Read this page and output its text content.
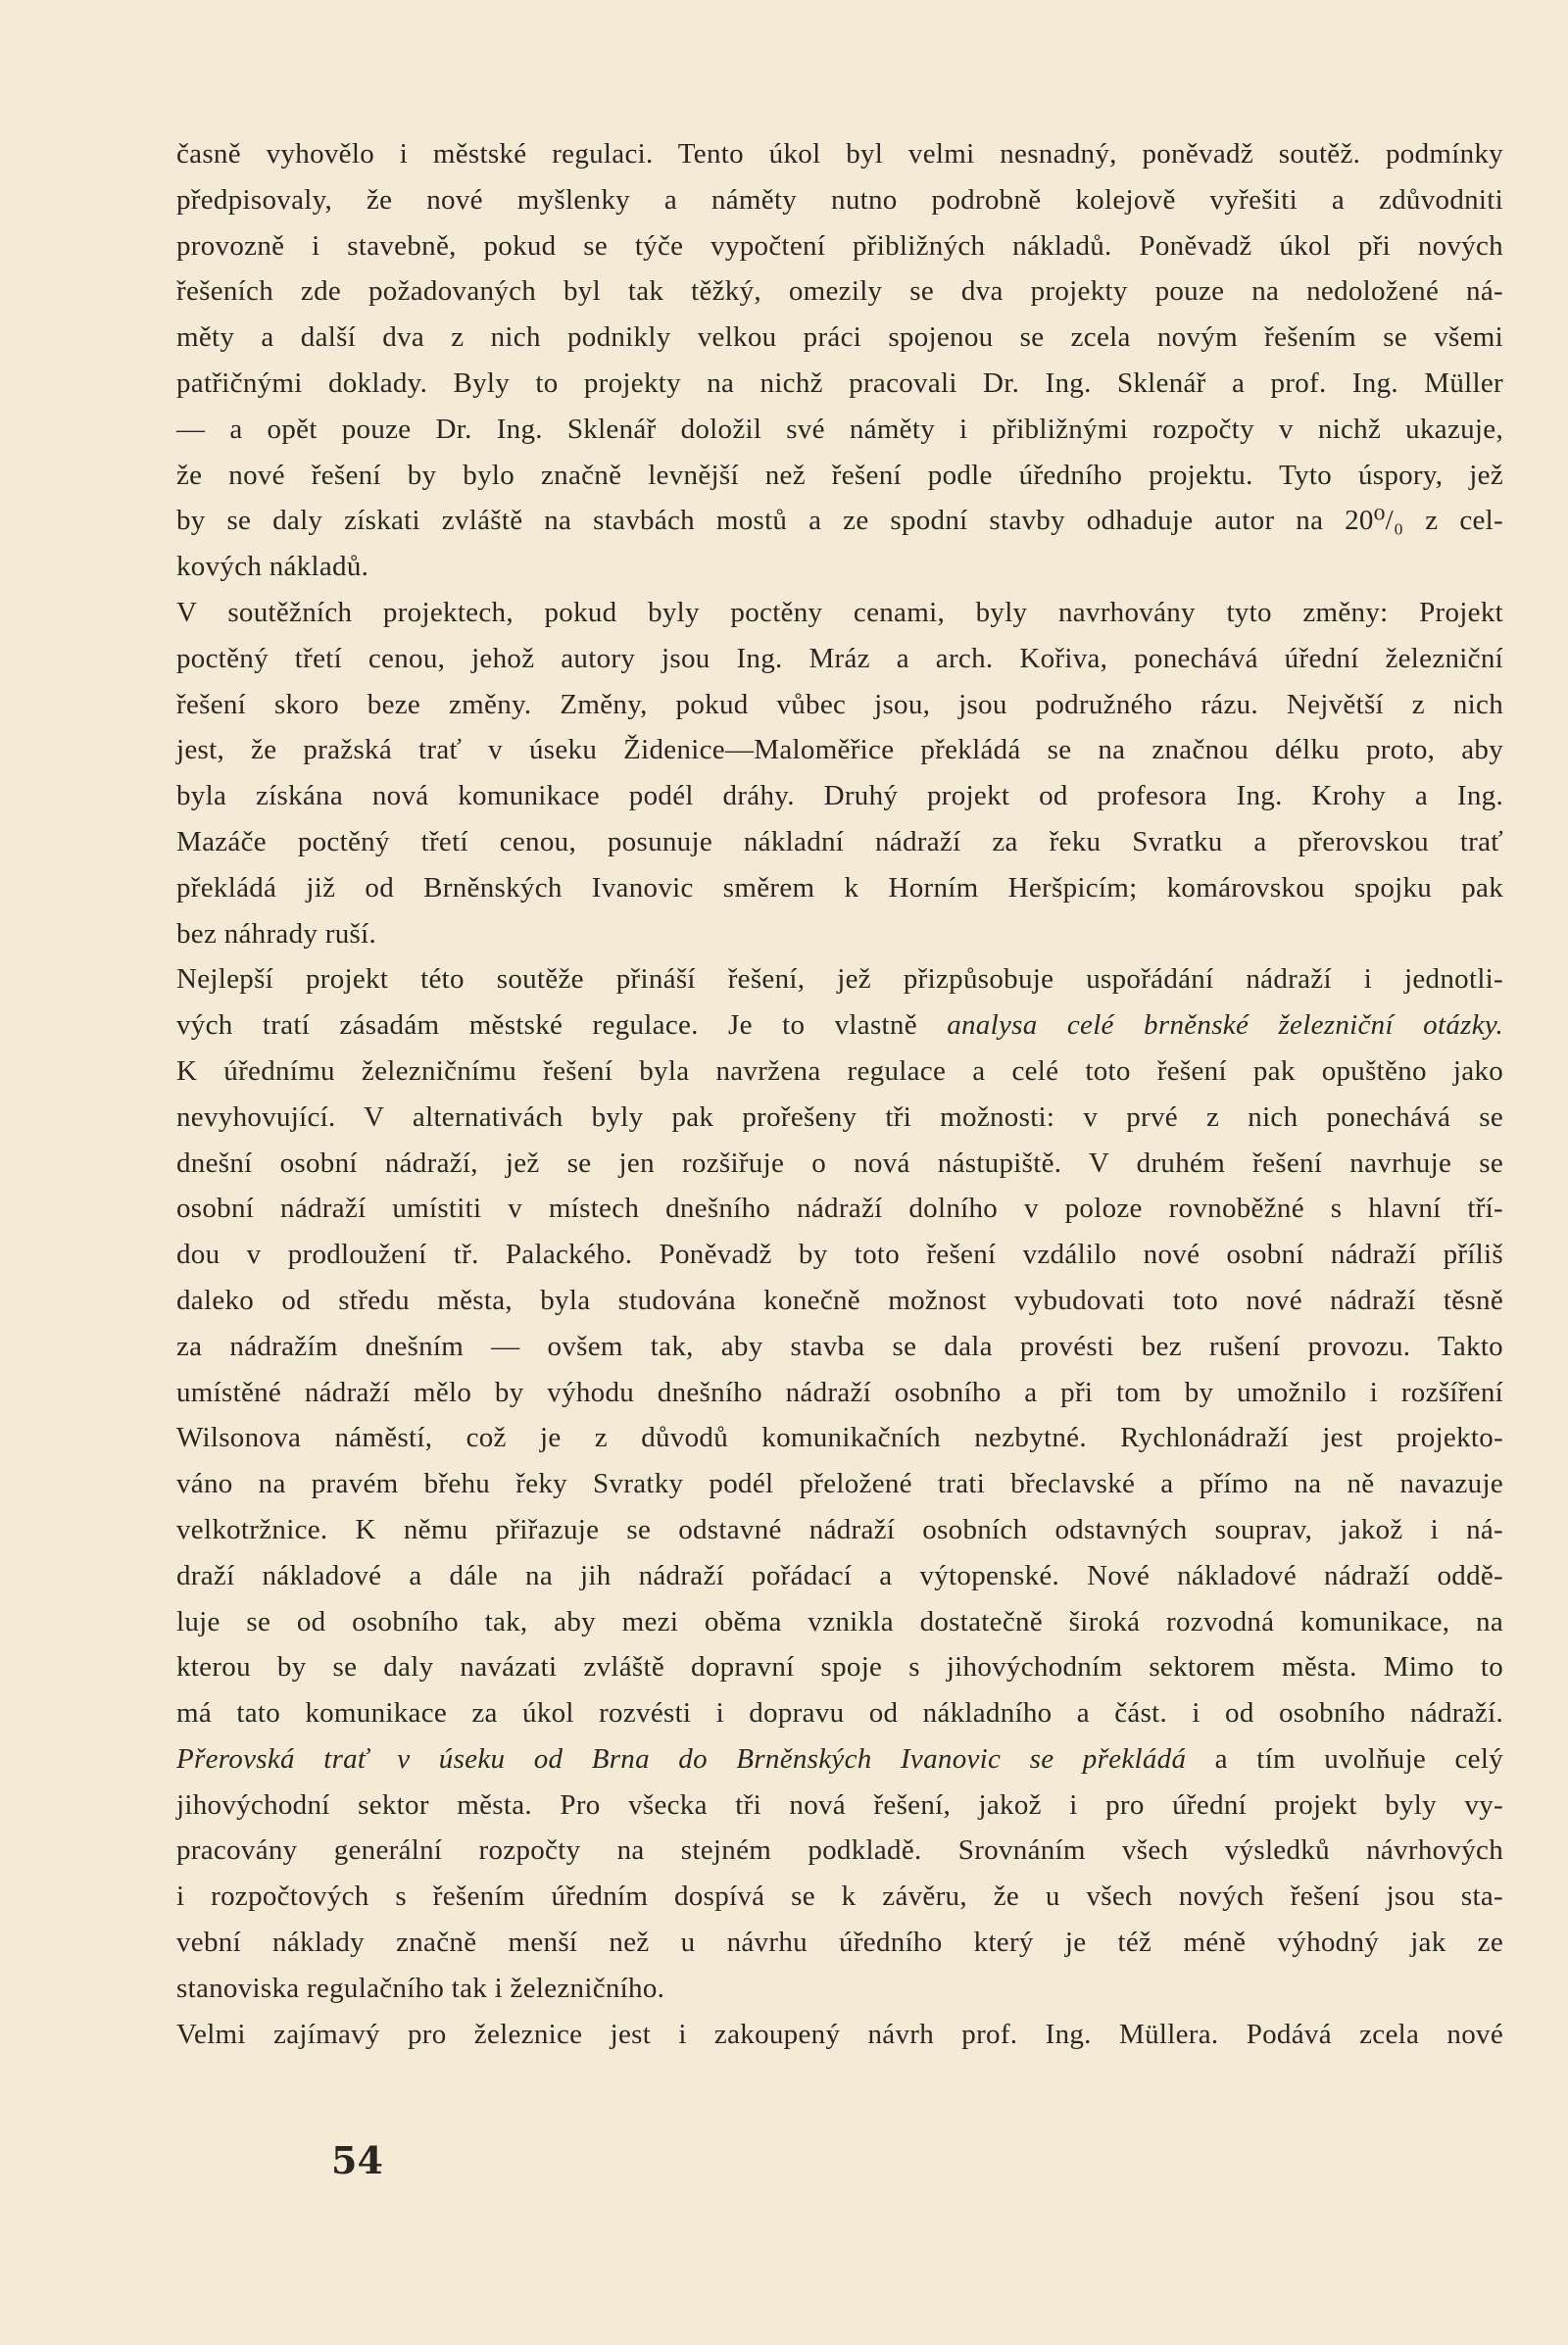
časně vyhovělo i městské regulaci. Tento úkol byl velmi nesnadný, poněvadž soutěž. podmínky
předpisovaly, že nové myšlenky a náměty nutno podrobně kolejově vyřešiti a zdůvodniti
provozně i stavebně, pokud se týče vypočtení přibližných nákladů. Poněvadž úkol při nových
řešeních zde požadovaných byl tak těžký, omezily se dva projekty pouze na nedoložené ná-
měty a další dva z nich podnikly velkou práci spojenou se zcela novým řešením se všemi
patřičnými doklady. Byly to projekty na nichž pracovali Dr. Ing. Sklenář a prof. Ing. Müller
— a opět pouze Dr. Ing. Sklenář doložil své náměty i přibližnými rozpočty v nichž ukazuje,
že nové řešení by bylo značně levnější než řešení podle úředního projektu. Tyto úspory, jež
by se daly získati zvláště na stavbách mostů a ze spodní stavby odhaduje autor na 20⁰/₀ z cel-
kových nákladů.
V soutěžních projektech, pokud byly poctěny cenami, byly navrhovány tyto změny: Projekt
poctěný třetí cenou, jehož autory jsou Ing. Mráz a arch. Kořiva, ponechává úřední železniční
řešení skoro beze změny. Změny, pokud vůbec jsou, jsou podružného rázu. Největší z nich
jest, že pražská trať v úseku Židenice—Maloměřice překládá se na značnou délku proto, aby
byla získána nová komunikace podél dráhy. Druhý projekt od profesora Ing. Krohy a Ing.
Mazáče poctěný třetí cenou, posunuje nákladní nádraží za řeku Svratku a přerovskou trať
překládá již od Brněnských Ivanovic směrem k Horním Heršpicím; komárovskou spojku pak
bez náhrady ruší.
Nejlepší projekt této soutěže přináší řešení, jež přizpůsobuje uspořádání nádraží i jednotli-
vých tratí zásadám městské regulace. Je to vlastně analysa celé brněnské železniční otázky.
K úřednímu železničnímu řešení byla navržena regulace a celé toto řešení pak opuštěno jako
nevyhovující. V alternativách byly pak prořešeny tři možnosti: v prvé z nich ponechává se
dnešní osobní nádraží, jež se jen rozšiřuje o nová nástupiště. V druhém řešení navrhuje se
osobní nádraží umístiti v místech dnešního nádraží dolního v poloze rovnoběžné s hlavní tří-
dou v prodloužení tř. Palackého. Poněvadž by toto řešení vzdálilo nové osobní nádraží příliš
daleko od středu města, byla studována konečně možnost vybudovati toto nové nádraží těsně
za nádražím dnešním — ovšem tak, aby stavba se dala provésti bez rušení provozu. Takto
umístěné nádraží mělo by výhodu dnešního nádraží osobního a při tom by umožnilo i rozšíření
Wilsonova náměstí, což je z důvodů komunikačních nezbytné. Rychlonádraží jest projekto-
váno na pravém břehu řeky Svratky podél přeložené trati břeclavské a přímo na ně navazuje
velkotržnice. K němu přiřazuje se odstavné nádraží osobních odstavných souprav, jakož i ná-
draží nákladové a dále na jih nádraží pořádací a výtopenské. Nové nákladové nádraží oddě-
luje se od osobního tak, aby mezi oběma vznikla dostatečně široká rozvodná komunikace, na
kterou by se daly navázati zvláště dopravní spoje s jihovýchodním sektorem města. Mimo to
má tato komunikace za úkol rozvésti i dopravu od nákladního a část. i od osobního nádraží.
Přerovská trať v úseku od Brna do Brněnských Ivanovic se překládá a tím uvolňuje celý
jihovýchodní sektor města. Pro všecka tři nová řešení, jakož i pro úřední projekt byly vy-
pracovány generální rozpočty na stejném podkladě. Srovnáním všech výsledků návrhových
i rozpočtových s řešením úředním dospívá se k závěru, že u všech nových řešení jsou sta-
vební náklady značně menší než u návrhu úředního který je též méně výhodný jak ze
stanoviska regulačního tak i železničního.
Velmi zajímavý pro železnice jest i zakoupený návrh prof. Ing. Müllera. Podává zcela nové
54
